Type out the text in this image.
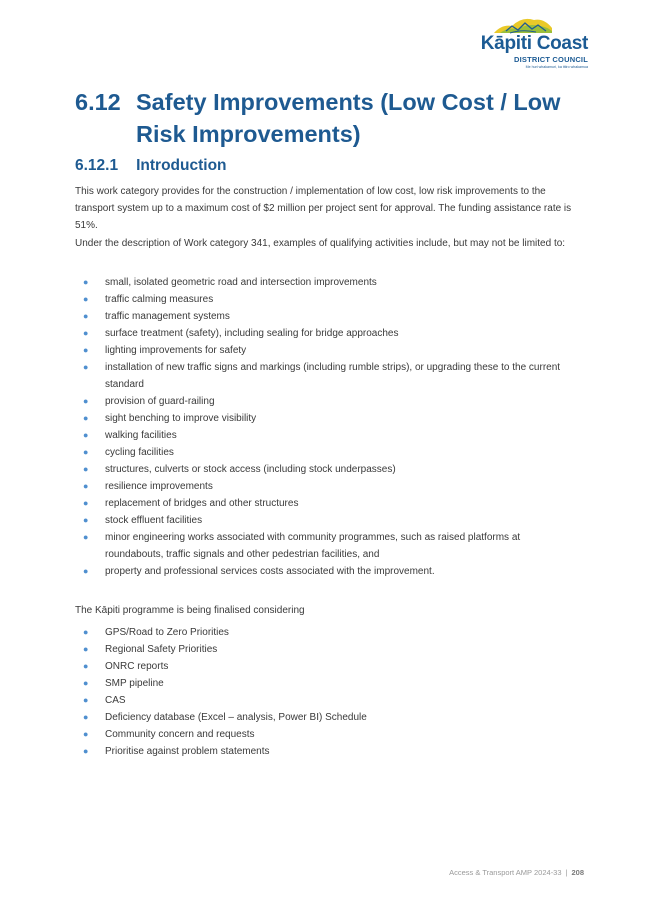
Kāpiti Coast
DISTRICT COUNCIL
Me huri whakamuri, ka titiro whakamua
6.12 Safety Improvements (Low Cost / Low Risk Improvements)
6.12.1 Introduction

This work category provides for the construction / implementation of low cost, low risk improvements to the transport system up to a maximum cost of $2 million per project sent for approval. The funding assistance rate is 51%.

Under the description of Work category 341, examples of qualifying activities include, but may not be limited to:

● small, isolated geometric road and intersection improvements
● traffic calming measures
● traffic management systems
● surface treatment (safety), including sealing for bridge approaches
● lighting improvements for safety
● installation of new traffic signs and markings (including rumble strips), or upgrading these to the current standard
● provision of guard-railing
● sight benching to improve visibility
● walking facilities
● cycling facilities
● structures, culverts or stock access (including stock underpasses)
● resilience improvements
● replacement of bridges and other structures
● stock effluent facilities
● minor engineering works associated with community programmes, such as raised platforms at roundabouts, traffic signals and other pedestrian facilities, and
● property and professional services costs associated with the improvement.

The Kāpiti programme is being finalised considering

● GPS/Road to Zero Priorities
● Regional Safety Priorities
● ONRC reports
● SMP pipeline
● CAS
● Deficiency database (Excel – analysis, Power BI) Schedule
● Community concern and requests
● Prioritise against problem statements
Access & Transport AMP 2024-33 | 208
